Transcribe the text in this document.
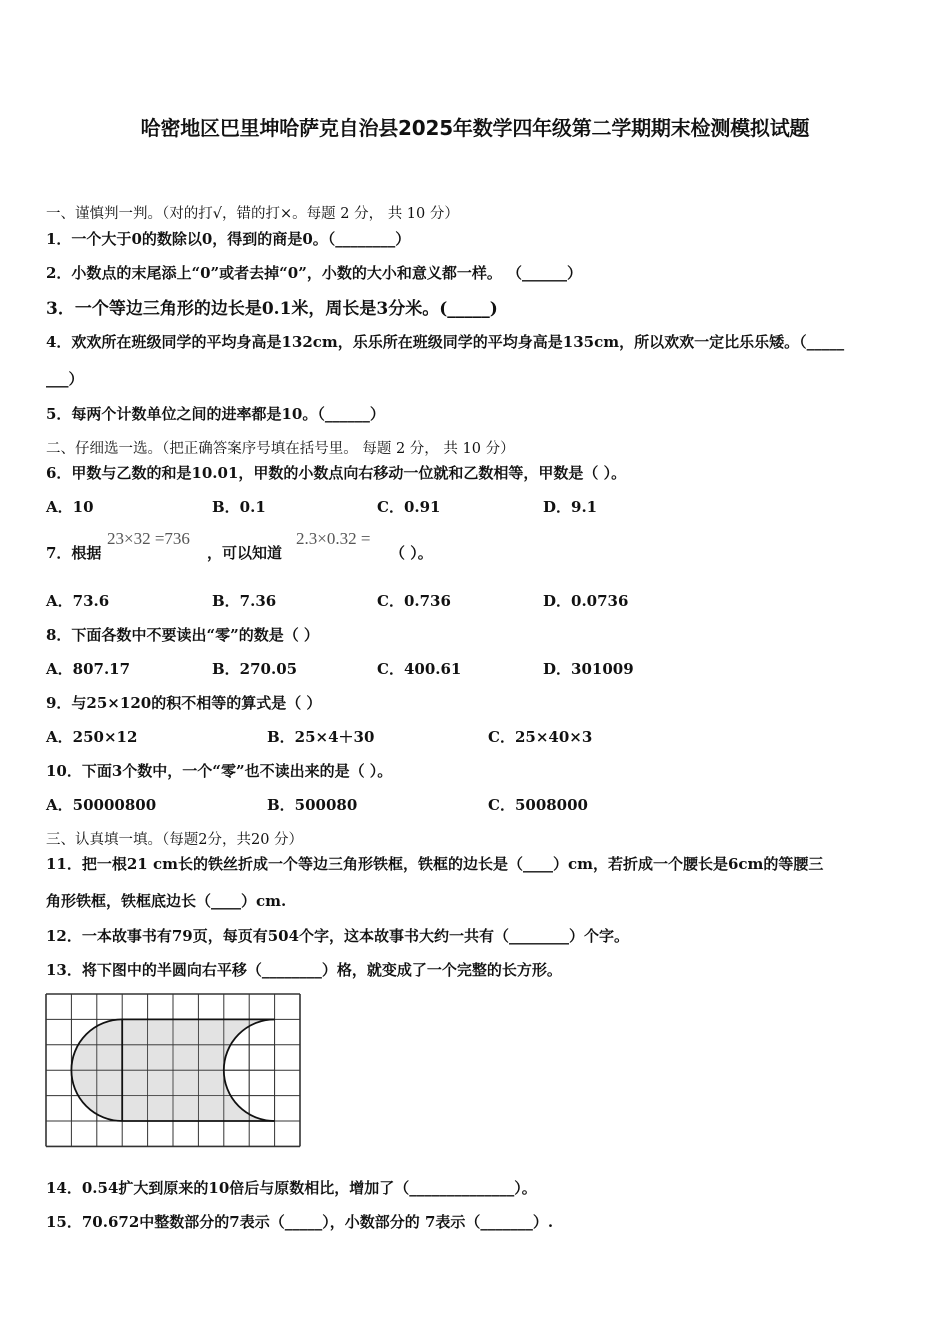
哈密地区巴里坤哈萨克自治县2025年数学四年级第二学期期末检测模拟试题
一、谨慎判一判。（对的打√，错的打×。每题 2 分， 共 10 分）
1．一个大于0的数除以0，得到的商是0。（________）
2．小数点的末尾添上“0”或者去掉“0”，小数的大小和意义都一样。 （______）
3．一个等边三角形的边长是0.1米，周长是3分米。(_____)
4．欢欢所在班级同学的平均身高是132cm，乐乐所在班级同学的平均身高是135cm，所以欢欢一定比乐乐矮。（_____
___）
5．每两个计数单位之间的进率都是10。（______）
二、仔细选一选。（把正确答案序号填在括号里。 每题 2 分， 共 10 分）
6．甲数与乙数的和是10.01，甲数的小数点向右移动一位就和乙数相等，甲数是（ ）。
A．10	B．0.1	C．0.91	D．9.1
7．根据
23×32 =736
，可以知道
2.3×0.32 =
（ ）。
A．73.6	B．7.36	C．0.736	D．0.0736
8．下面各数中不要读出“零”的数是（ ）
A．807.17	B．270.05	C．400.61	D．301009
9．与25×120的积不相等的算式是（ ）
A．250×12	B．25×4＋30	C．25×40×3
10．下面3个数中，一个“零”也不读出来的是（ ）。
A．50000800	B．500080	C．5008000
三、认真填一填。（每题2分，共20 分）
11．把一根21 cm长的铁丝折成一个等边三角形铁框，铁框的边长是（____）cm，若折成一个腰长是6cm的等腰三
角形铁框，铁框底边长（____）cm.
12．一本故事书有79页，每页有504个字，这本故事书大约一共有（________）个字。
13．将下图中的半圆向右平移（________）格，就变成了一个完整的长方形。
14．0.54扩大到原来的10倍后与原数相比，增加了（______________）。
15．70.672中整数部分的7表示（_____），小数部分的 7表示（_______）.
